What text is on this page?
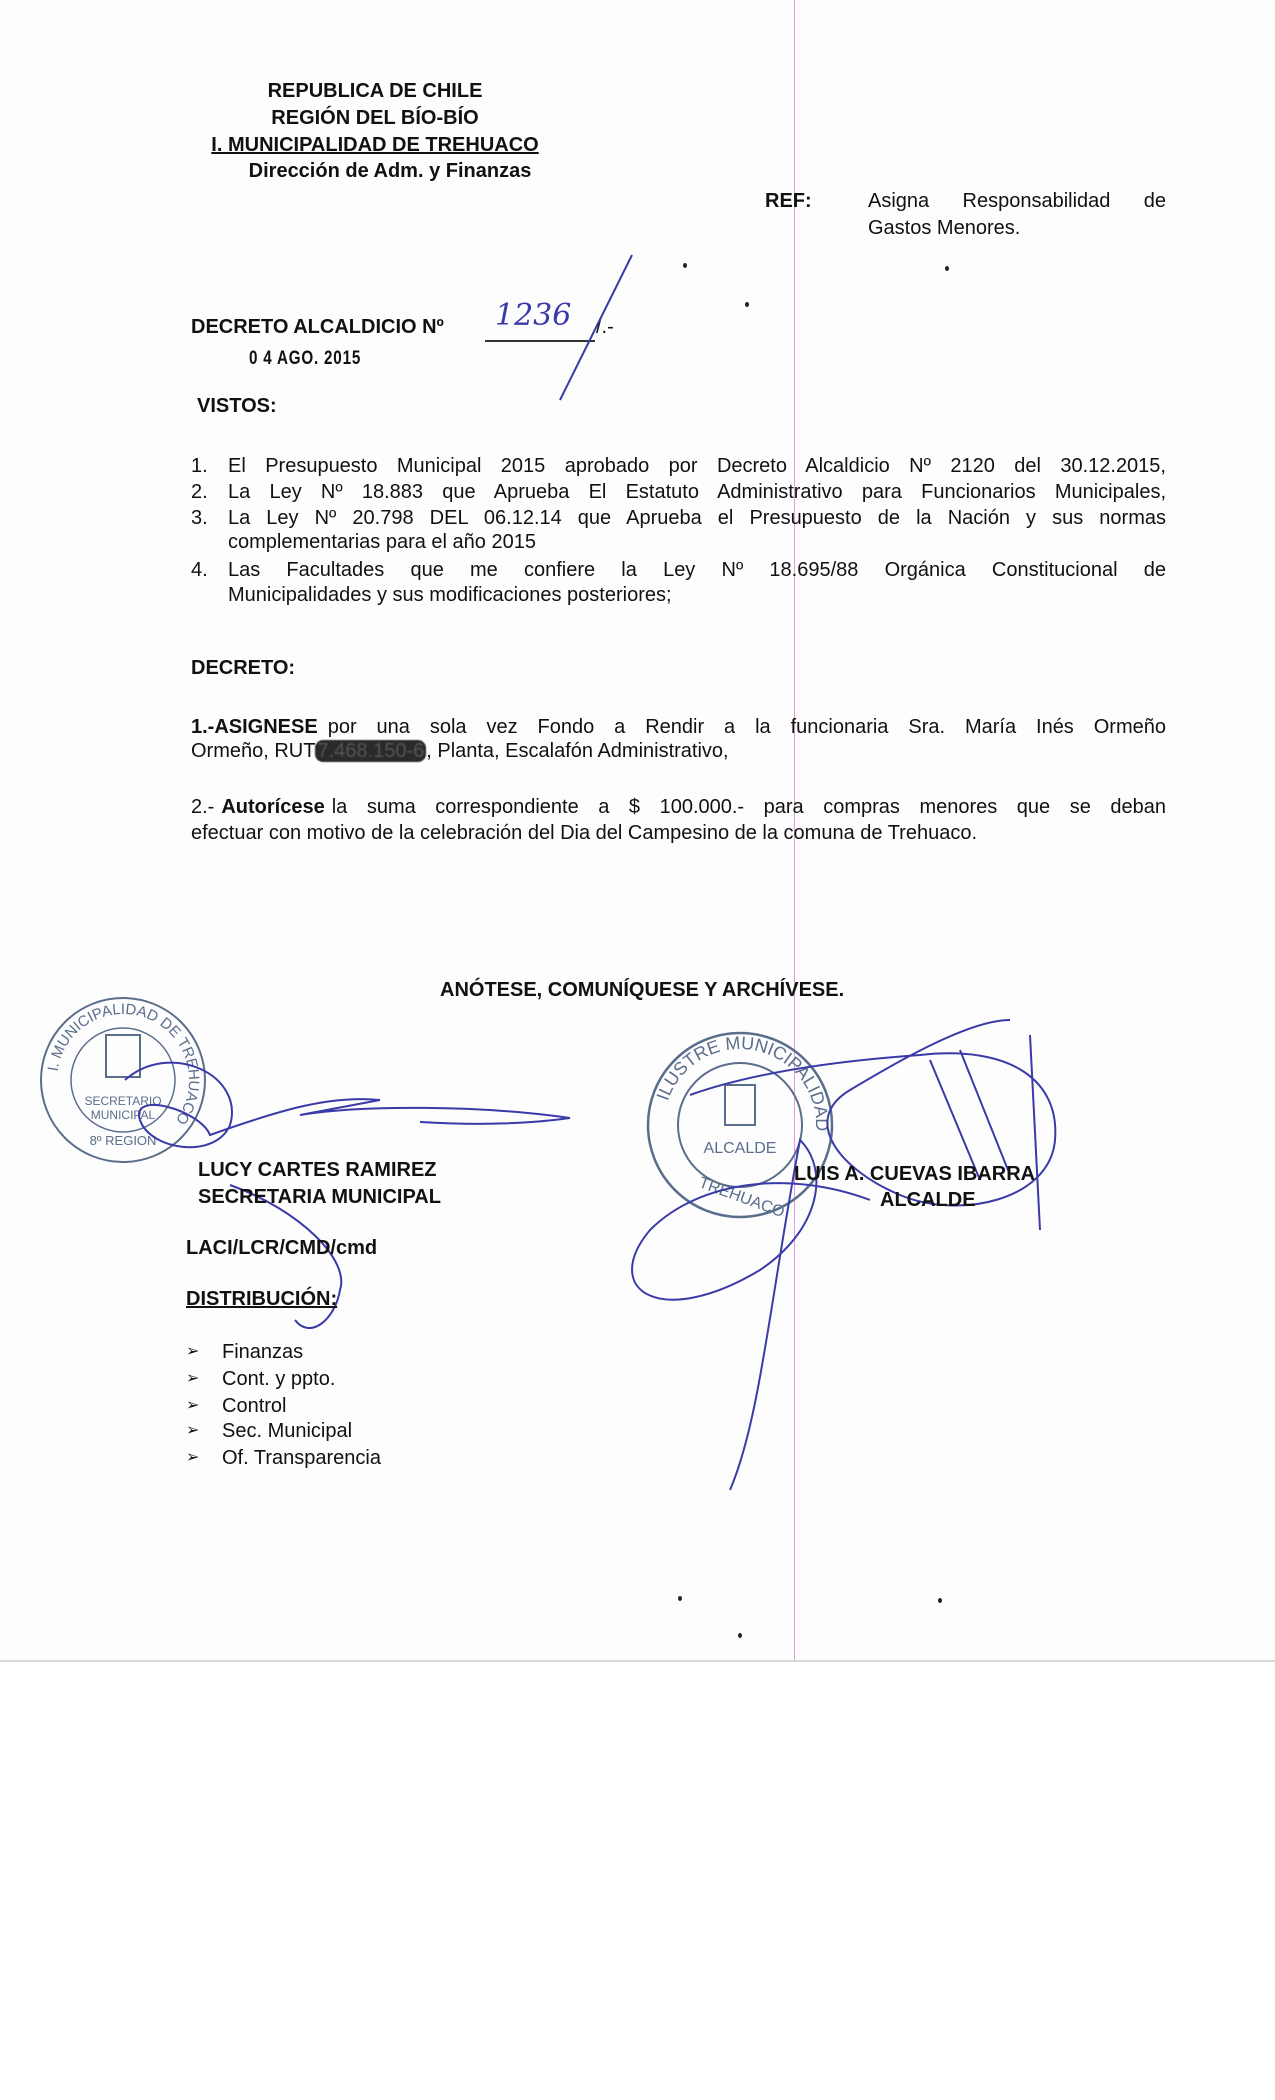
REPUBLICA DE CHILE
REGIÓN DEL BÍO-BÍO
I. MUNICIPALIDAD DE TREHUACO
Dirección de Adm. y Finanzas
REF:	Asigna Responsabilidad de
Gastos Menores.
DECRETO ALCALDICIO Nº 1236 /.-
0 4 AGO. 2015
VISTOS:
1. El Presupuesto Municipal 2015 aprobado por Decreto Alcaldicio Nº 2120 del 30.12.2015,
2. La Ley Nº 18.883 que Aprueba El Estatuto Administrativo para Funcionarios Municipales,
3. La Ley Nº 20.798 DEL 06.12.14 que Aprueba el Presupuesto de la Nación y sus normas
complementarias para el año 2015
4. Las Facultades que me confiere la Ley Nº 18.695/88 Orgánica Constitucional de
Municipalidades y sus modificaciones posteriores;
DECRETO:
1.-ASIGNESE por una sola vez Fondo a Rendir a la funcionaria Sra. María Inés Ormeño
Ormeño, RUT 7.468.150-6 , Planta, Escalafón Administrativo,
2.- Autorícese la suma correspondiente a $ 100.000.- para compras menores que se deban
efectuar con motivo de la celebración del Dia del Campesino de la comuna de Trehuaco.
ANÓTESE, COMUNÍQUESE Y ARCHÍVESE.
I. MUNICIPALIDAD DE TREHUACO
SECRETARIO
MUNICIPAL
8º REGION
ILUSTRE MUNICIPALIDAD
ALCALDE
TREHUACO
LUCY CARTES RAMIREZ
SECRETARIA MUNICIPAL
LUIS A. CUEVAS IBARRA
ALCALDE
LACI/LCR/CMD/cmd
DISTRIBUCIÓN:
➢ Finanzas
➢ Cont. y ppto.
➢ Control
➢ Sec. Municipal
➢ Of. Transparencia
